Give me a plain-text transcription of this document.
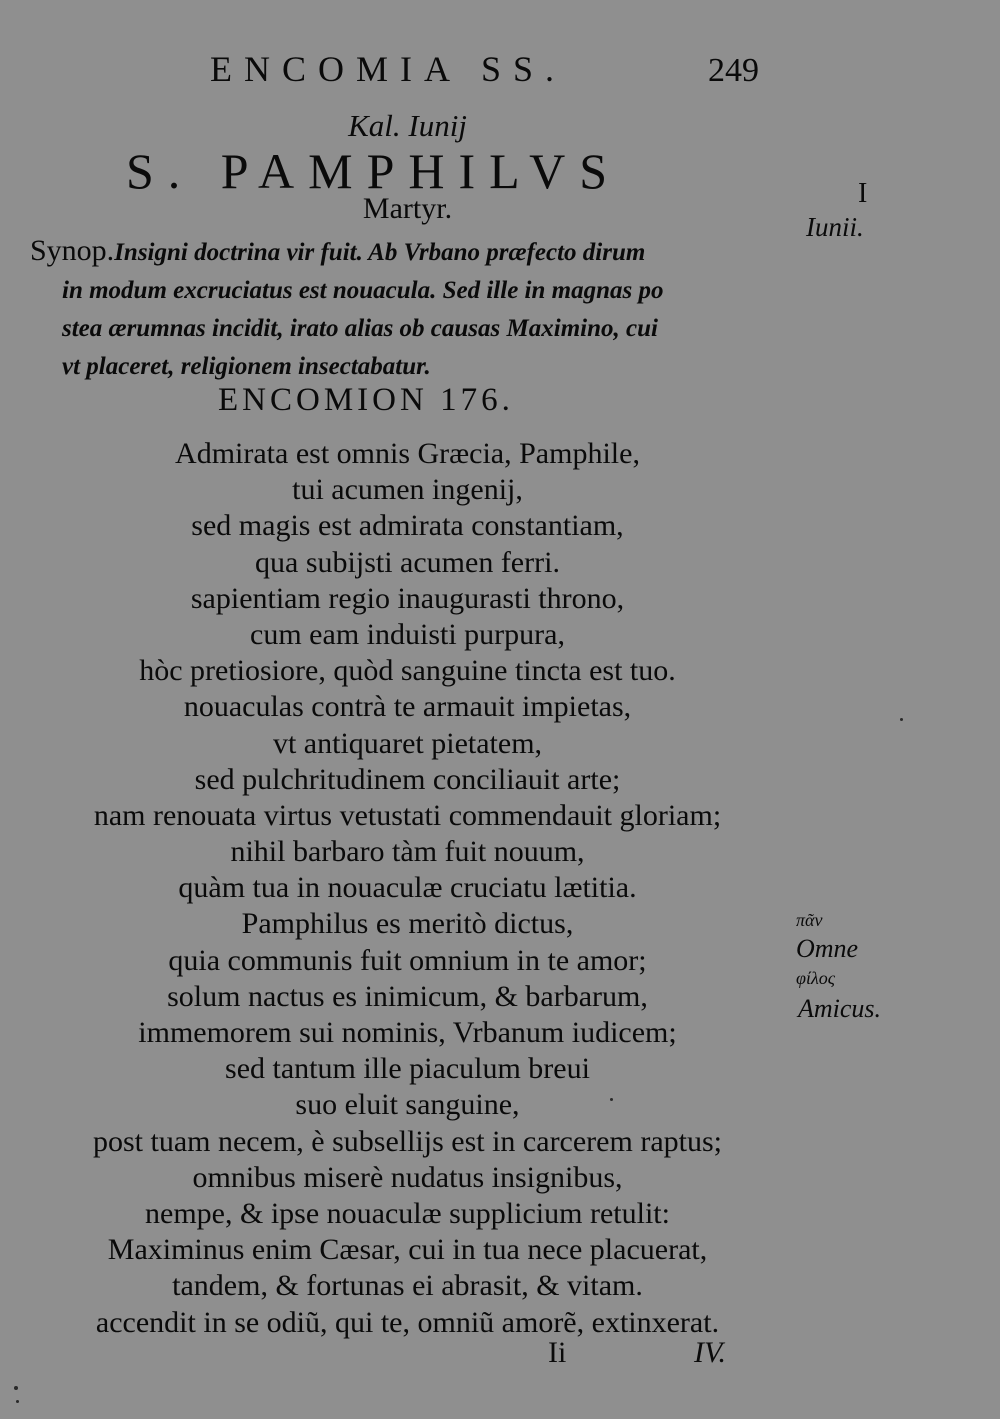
ENCOMIA SS.	249
Kal. Iunij
S. PAMPHILVS
Martyr.
Synop.Insigni doctrina vir fuit. Ab Vrbano præfecto dirum
in modum excruciatus est nouacula. Sed ille in magnas po
stea ærumnas incidit, irato alias ob causas Maximino, cui
vt placeret, religionem insectabatur.
ENCOMION 176.
Admirata est omnis Græcia, Pamphile,
tui acumen ingenij,
sed magis est admirata constantiam,
qua subijsti acumen ferri.
sapientiam regio inaugurasti throno,
cum eam induisti purpura,
hòc pretiosiore, quòd sanguine tincta est tuo.
nouaculas contrà te armauit impietas,
vt antiquaret pietatem,
sed pulchritudinem conciliauit arte;
nam renouata virtus vetustati commendauit gloriam;
nihil barbaro tàm fuit nouum,
quàm tua in nouaculæ cruciatu lætitia.
Pamphilus es meritò dictus,
quia communis fuit omnium in te amor;
solum nactus es inimicum, & barbarum,
immemorem sui nominis, Vrbanum iudicem;
sed tantum ille piaculum breui
suo eluit sanguine,
post tuam necem, è subsellijs est in carcerem raptus;
omnibus miserè nudatus insignibus,
nempe, & ipse nouaculæ supplicium retulit:
Maximinus enim Cæsar, cui in tua nece placuerat,
tandem, & fortunas ei abrasit, & vitam.
accendit in se odiũ, qui te, omniũ amorẽ, extinxerat.
I
Iunii.
πᾶν
Omne
φίλος
Amicus.
Ii	IV.
